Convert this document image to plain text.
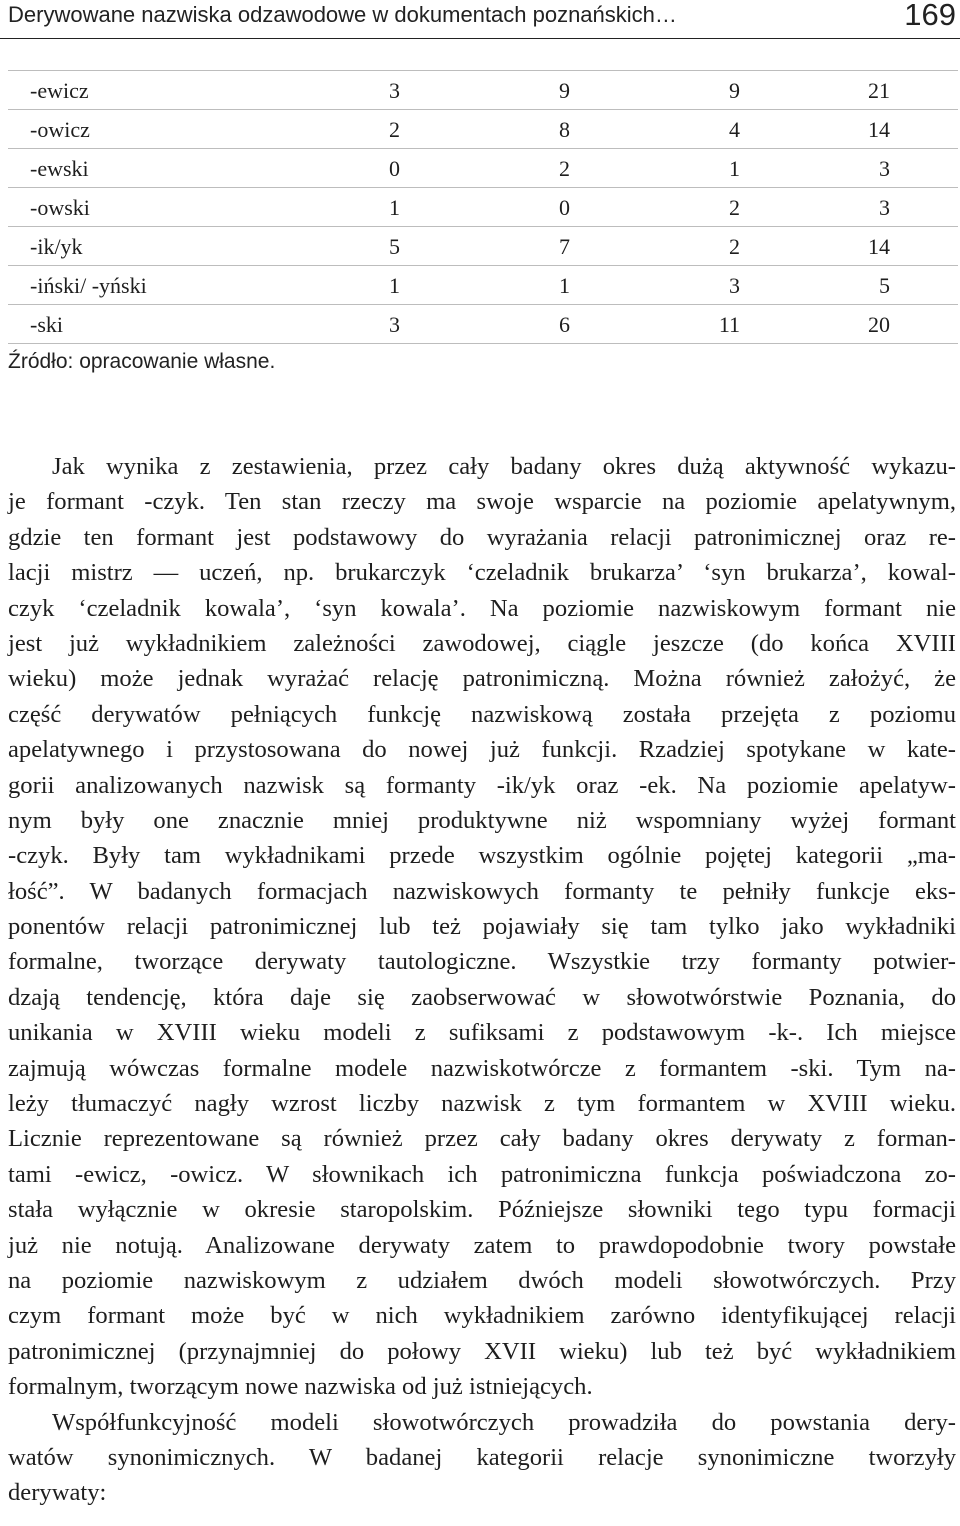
Derywowane nazwiska odzawodowe w dokumentach poznańskich…	169
-ewicz	3	9	9	21
-owicz	2	8	4	14
-ewski	0	2	1	3
-owski	1	0	2	3
-ik/yk	5	7	2	14
-iński/ -yński	1	1	3	5
-ski	3	6	11	20
Źródło: opracowanie własne.
Jak wynika z zestawienia, przez cały badany okres dużą aktywność wykazu-
je formant -czyk. Ten stan rzeczy ma swoje wsparcie na poziomie apelatywnym,
gdzie ten formant jest podstawowy do wyrażania relacji patronimicznej oraz re-
lacji mistrz — uczeń, np. brukarczyk ‘czeladnik brukarza’ ‘syn brukarza’, kowal-
czyk ‘czeladnik kowala’, ‘syn kowala’. Na poziomie nazwiskowym formant nie
jest już wykładnikiem zależności zawodowej, ciągle jeszcze (do końca XVIII
wieku) może jednak wyrażać relację patronimiczną. Można również założyć, że
część derywatów pełniących funkcję nazwiskową została przejęta z poziomu
apelatywnego i przystosowana do nowej już funkcji. Rzadziej spotykane w kate-
gorii analizowanych nazwisk są formanty -ik/yk oraz -ek. Na poziomie apelatyw-
nym były one znacznie mniej produktywne niż wspomniany wyżej formant
-czyk. Były tam wykładnikami przede wszystkim ogólnie pojętej kategorii „ma-
łość”. W badanych formacjach nazwiskowych formanty te pełniły funkcje eks-
ponentów relacji patronimicznej lub też pojawiały się tam tylko jako wykładniki
formalne, tworzące derywaty tautologiczne. Wszystkie trzy formanty potwier-
dzają tendencję, która daje się zaobserwować w słowotwórstwie Poznania, do
unikania w XVIII wieku modeli z sufiksami z podstawowym -k-. Ich miejsce
zajmują wówczas formalne modele nazwiskotwórcze z formantem -ski. Tym na-
leży tłumaczyć nagły wzrost liczby nazwisk z tym formantem w XVIII wieku.
Licznie reprezentowane są również przez cały badany okres derywaty z forman-
tami -ewicz, -owicz. W słownikach ich patronimiczna funkcja poświadczona zo-
stała wyłącznie w okresie staropolskim. Późniejsze słowniki tego typu formacji
już nie notują. Analizowane derywaty zatem to prawdopodobnie twory powstałe
na poziomie nazwiskowym z udziałem dwóch modeli słowotwórczych. Przy
czym formant może być w nich wykładnikiem zarówno identyfikującej relacji
patronimicznej (przynajmniej do połowy XVII wieku) lub też być wykładnikiem
formalnym, tworzącym nowe nazwiska od już istniejących.
Współfunkcyjność modeli słowotwórczych prowadziła do powstania dery-
watów synonimicznych. W badanej kategorii relacje synonimiczne tworzyły
derywaty:
